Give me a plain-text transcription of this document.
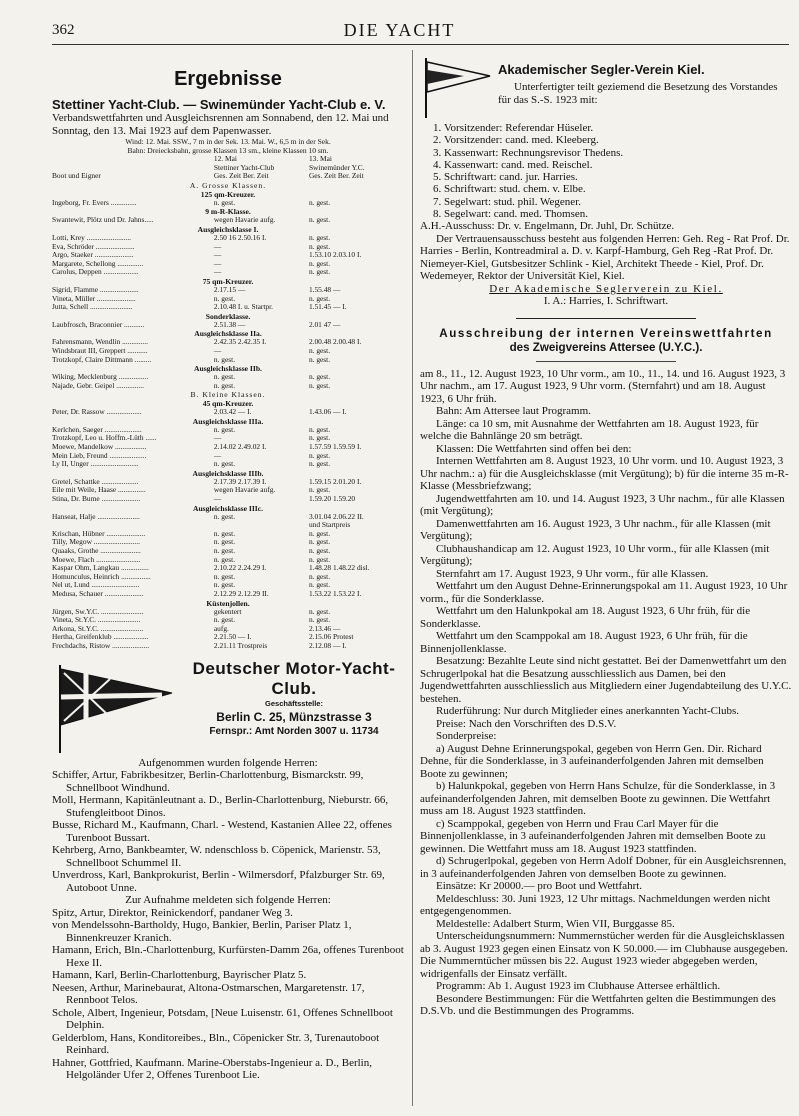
362	DIE YACHT
Ergebnisse
Stettiner Yacht-Club. — Swinemünder Yacht-Club e. V.

Verbandswettfahrten und Ausgleichsrennen am Sonnabend, den 12. Mai und Sonntag, den 13. Mai 1923 auf dem Papenwasser.

Wind: 12. Mai. SSW., 7 m in der Sek. 13. Mai. W., 6,5 m in der Sek.
Bahn: Dreiecksbahn, grosse Klassen 13 sm., kleine Klassen 10 sm.
	12. Mai	13. Mai
	Stettiner Yacht-Club	Swinemünder Y.C.
Boot und Eigner	Ges. Zeit Ber. Zeit	Ges. Zeit Ber. Zeit
A. Grosse Klassen.		
125 qm-Kreuzer.		
Ingeborg, Fr. Evers ..............	n. gest.	n. gest.
9 m-R-Klasse.		
Swantewit, Plötz und Dr. Jahns.....	wegen Havarie aufg.	n. gest.
Ausgleichsklasse I.		
Lotti, Krey ........................	2.50 16 2.50.16 I.	n. gest.
Eva, Schröder .....................	—	n. gest.
Argo, Staeker .....................	—	1.53.10 2.03.10 I.
Margarete, Schellong ..............	—	n. gest.
Carolus, Deppen ...................	—	n. gest.
75 qm-Kreuzer.		
Sigrid, Flamme .....................	2.17.15 —	1.55.48 —
Vineta, Müller .....................	n. gest.	n. gest.
Jutta, Schell .......................	2.10.48 I. u. Startpr.	1.51.45 — I.
Sonderklasse.		
Laubfrosch, Braconnier ...........	2.51.38 —	2.01 47 —
Ausgleichsklasse IIa.		
Fahrensmann, Wendlin ..............	2.42.35 2.42.35 I.	2.00.48 2.00.48 I.
Windsbraut III, Greppert ...........	—	n. gest.
Trotzkopf, Claire Dittmann .........	n. gest.	n. gest.
Ausgleichsklasse IIb.		
Wiking, Mecklenburg ................	n. gest.	n. gest.
Najade, Gebr. Geipel ...............	n. gest.	n. gest.
B. Kleine Klassen.		
45 qm-Kreuzer.		
Peter, Dr. Rassow ...................	2.03.42 — I.	1.43.06 — I.
Ausgleichsklasse IIIa.		
Kerlchen, Saeger ....................	n. gest.	n. gest.
Trotzkopf, Leo u. Hoffm.-Lüth ......	—	n. gest.
Moewe, Mandelkow .................	2.14.02 2.49.02 I.	1.57.59 1.59.59 I.
Mein Lieb, Freund ....................	—	n. gest.
Ly II, Unger ..........................	n. gest.	n. gest.
Ausgleichsklasse IIIb.		
Gretel, Schattke ....................	2.17.39 2.17.39 I.	1.59.15 2.01.20 I.
Eile mit Weile, Haase ...............	wegen Havarie aufg.	n. gest.
Stina, Dr. Bume .....................	—	1.59.20 1.59.20
Ausgleichsklasse IIIc.		
Hanseat, Halje .......................	n. gest.	3.01.04 2.06.22 II.
		und Startpreis
Krischan, Hübner .....................	n. gest.	n. gest.
Tilly, Megow .........................	n. gest.	n. gest.
Quaaks, Grothe ......................	n. gest.	n. gest.
Moewe, Flach ........................	n. gest.	n. gest.
Kaspar Ohm, Langkau ...............	2.10.22 2.24.29 I.	1.48.28 1.48.22 disl.
Homunculus, Heinrich ................	n. gest.	n. gest.
Nel ut, Lund ..........................	n. gest.	n. gest.
Medusa, Schauer .....................	2.12.29 2.12.29 II.	1.53.22 1.53.22 I.
Küstenjollen.		
Jürgen, Sw.Y.C. .......................	gekentert	n. gest.
Vineta, St.Y.C. .......................	n. gest.	n. gest.
Arkona, St.Y.C. .......................	aufg.	2.13.46 —
Hertha, Greifenklub ...................	2.21.50 — I.	2.15.06 Protest
Frechdachs, Ristow ....................	2.21.11 Trostpreis	2.12.08 — I.
Deutscher Motor-Yacht-Club.
Geschäftsstelle:
Berlin C. 25, Münzstrasse 3
Fernspr.: Amt Norden 3007 u. 11734

Aufgenommen wurden folgende Herren:

Schiffer, Artur, Fabrikbesitzer, Berlin-Charlottenburg, Bismarckstr. 99, Schnellboot Windhund.

Moll, Hermann, Kapitänleutnant a. D., Berlin-Charlottenburg, Nieburstr. 66, Stufengleitboot Dinos.

Busse, Richard M., Kaufmann, Charl. - Westend, Kastanien Allee 22, offenes Turenboot Bussart.

Kehrberg, Arno, Bankbeamter, W. ndenschloss b. Cöpenick, Marienstr. 53, Schnellboot Schummel II.

Unverdross, Karl, Bankprokurist, Berlin - Wilmersdorf, Pfalzburger Str. 69, Autoboot Unne.

Zur Aufnahme meldeten sich folgende Herren:

Spitz, Artur, Direktor, Reinickendorf, pandaner Weg 3.

von Mendelssohn-Bartholdy, Hugo, Bankier, Berlin, Pariser Platz 1, Binnenkreuzer Kranich.

Hamann, Erich, Bln.-Charlottenburg, Kurfürsten-Damm 26a, offenes Turenboot Hexe II.

Hamann, Karl, Berlin-Charlottenburg, Bayrischer Platz 5.

Neesen, Arthur, Marinebaurat, Altona-Ostmarschen, Margaretenstr. 17, Rennboot Telos.

Schole, Albert, Ingenieur, Potsdam, [Neue Luisenstr. 61, Offenes Schnellboot Delphin.

Gelderblom, Hans, Konditoreibes., Bln., Cöpenicker Str. 3, Turenautoboot Reinhard.

Hahner, Gottfried, Kaufmann. Marine-Oberstabs-Ingenieur a. D., Berlin, Helgoländer Ufer 2, Offenes Turenboot Lie.

Akademischer Segler-Verein Kiel.

Unterfertigter teilt geziemend die Besetzung des Vorstandes für das S.-S. 1923 mit:

1. Vorsitzender: Referendar Hüseler.
2. Vorsitzender: cand. med. Kleeberg.
3. Kassenwart: Rechnungsrevisor Thedens.
4. Kassenwart: cand. med. Reischel.
5. Schriftwart: cand. jur. Harries.
6. Schriftwart: stud. chem. v. Elbe.
7. Segelwart: stud. phil. Wegener.
8. Segelwart: cand. med. Thomsen.

A.H.-Ausschuss: Dr. v. Engelmann, Dr. Juhl, Dr. Schütze.

Der Vertrauensausschuss besteht aus folgenden Herren: Geh. Reg - Rat Prof. Dr. Harries - Berlin, Kontreadmiral a. D. v. Karpf-Hamburg, Geh Reg -Rat Prof. Dr. Niemeyer-Kiel, Gutsbesitzer Schlink - Kiel, Architekt Theede - Kiel, Prof. Dr. Wedemeyer, Rektor der Universität Kiel, Kiel.

Der Akademische Seglerverein zu Kiel.

I. A.: Harries, I. Schriftwart.

Ausschreibung der internen Vereinswettfahrten
des Zweigvereins Attersee (U.Y.C.).

am 8., 11., 12. August 1923, 10 Uhr vorm., am 10., 11., 14. und 16. August 1923, 3 Uhr nachm., am 17. August 1923, 9 Uhr vorm. (Sternfahrt) und am 18. August 1923, 6 Uhr früh.

Bahn: Am Attersee laut Programm.

Länge: ca 10 sm, mit Ausnahme der Wettfahrten am 18. August 1923, für welche die Bahnlänge 20 sm beträgt.

Klassen: Die Wettfahrten sind offen bei den:

Internen Wettfahrten am 8. August 1923, 10 Uhr vorm. und 10. August 1923, 3 Uhr nachm.: a) für die Ausgleichsklasse (mit Vergütung); b) für die interne 35 m-R-Klasse (Messbriefzwang;

Jugendwettfahrten am 10. und 14. August 1923, 3 Uhr nachm., für alle Klassen (mit Vergütung);

Damenwettfahrten am 16. August 1923, 3 Uhr nachm., für alle Klassen (mit Vergütung);

Clubhaushandicap am 12. August 1923, 10 Uhr vorm., für alle Klassen (mit Vergütung);

Sternfahrt am 17. August 1923, 9 Uhr vorm., für alle Klassen.

Wettfahrt um den August Dehne-Erinnerungspokal am 11. August 1923, 10 Uhr vorm., für die Sonderklasse.

Wettfahrt um den Halunkpokal am 18. August 1923, 6 Uhr früh, für die Sonderklasse.

Wettfahrt um den Scamppokal am 18. August 1923, 6 Uhr früh, für die Binnenjollenklasse.

Besatzung: Bezahlte Leute sind nicht gestattet. Bei der Damenwettfahrt um den Schrugerlpokal hat die Besatzung ausschliesslich aus Damen, bei den Jugendwettfahrten ausschliesslich aus Mitgliedern einer Jugendabteilung des U.Y.C. bestehen.

Ruderführung: Nur durch Mitglieder eines anerkannten Yacht-Clubs.

Preise: Nach den Vorschriften des D.S.V.

Sonderpreise:

a) August Dehne Erinnerungspokal, gegeben von Herrn Gen. Dir. Richard Dehne, für die Sonderklasse, in 3 aufeinanderfolgenden Jahren mit demselben Boote zu gewinnen;

b) Halunkpokal, gegeben von Herrn Hans Schulze, für die Sonderklasse, in 3 aufeinanderfolgenden Jahren, mit demselben Boote zu gewinnen. Die Wettfahrt muss am 18. August 1923 stattfinden.

c) Scamppokal, gegeben von Herrn und Frau Carl Mayer für die Binnenjollenklasse, in 3 aufeinanderfolgenden Jahren mit demselben Boote zu gewinnen. Die Wettfahrt muss am 18. August 1923 stattfinden.

d) Schrugerlpokal, gegeben von Herrn Adolf Dobner, für ein Ausgleichsrennen, in 3 aufeinanderfolgenden Jahren von demselben Boote zu gewinnen.

Einsätze: Kr 20000.— pro Boot und Wettfahrt.

Meldeschluss: 30. Juni 1923, 12 Uhr mittags. Nachmeldungen werden nicht entgegengenommen.

Meldestelle: Adalbert Sturm, Wien VII, Burggasse 85.

Unterscheidungsnummern: Nummernstücher werden für die Ausgleichsklassen ab 3. August 1923 gegen einen Einsatz von K 50.000.— im Clubhause ausgegeben. Die Nummerntücher müssen bis 22. August 1923 wieder abgegeben werden, widrigenfalls der Einsatz verfällt.

Programm: Ab 1. August 1923 im Clubhause Attersee erhältlich.

Besondere Bestimmungen: Für die Wettfahrten gelten die Bestimmungen des D.S.Vb. und die Bestimmungen des Programms.
